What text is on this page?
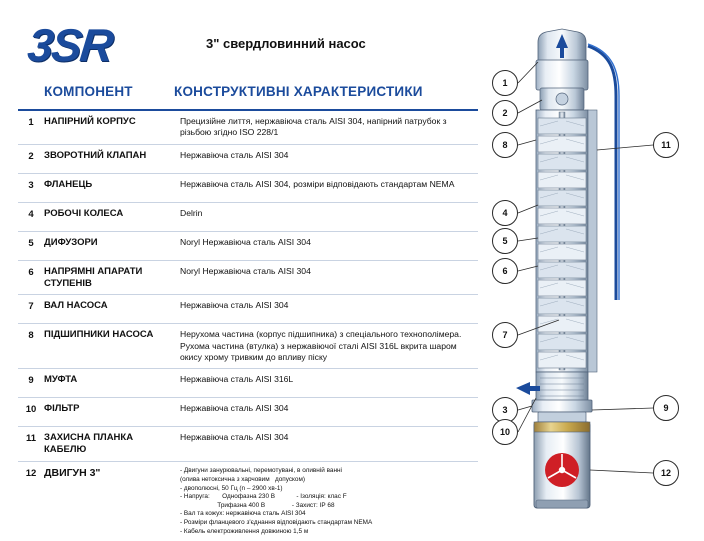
3SR	3" свердловинний насос
КОМПОНЕНТ	КОНСТРУКТИВНІ ХАРАКТЕРИСТИКИ
1	НАПІРНИЙ КОРПУС	Прецизійне лиття, нержавіюча сталь AISI 304, напірний патрубок з різьбою згідно ISO 228/1
2	ЗВОРОТНИЙ КЛАПАН	Нержавіюча сталь AISI 304
3	ФЛАНЕЦЬ	Нержавіюча сталь AISI 304, розміри відповідають стандартам NEMA
4	РОБОЧІ КОЛЕСА	Delrin
5	ДИФУЗОРИ	Noryl Нержавіюча сталь AISI 304
6	НАПРЯМНІ АПАРАТИ СТУПЕНІВ
Noryl Нержавіюча сталь AISI 304
7	ВАЛ НАСОСА	Нержавіюча сталь AISI 304
8	ПІДШИПНИКИ НАСОСА	Нерухома частина (корпус підшипника) з спеціального технополімера. Рухома частина (втулка) з нержавіючої сталі AISI 316L вкрита шаром окису хрому тривким до впливу піску
9	МУФТА	Нержавіюча сталь AISI 316L
10 ФІЛЬТР	Нержавіюча сталь AISI 304
11 ЗАХИСНА ПЛАНКА КАБЕЛЮ
Нержавіюча сталь AISI 304
12 ДВИГУН 3"	- Двигуни занурювальні, перемотувані, в оливній ванні
(олива нетоксична з харчовим   допуском)
- двополюсні, 50 Гц (n – 2900 хв-1)
- Напруга:       Однофазна 230 В            - Ізоляція: клас F
Трифазна 400 В               - Захист: ІР 68
- Вал та кожух: нержавіюча сталь AISI 304
- Розміри фланцевого з'єднання відповідають стандартам NEMA
- Кабель електроживлення довжиною 1,5 м
1
2
8	11
4
5
6
7
3	9
10
12
